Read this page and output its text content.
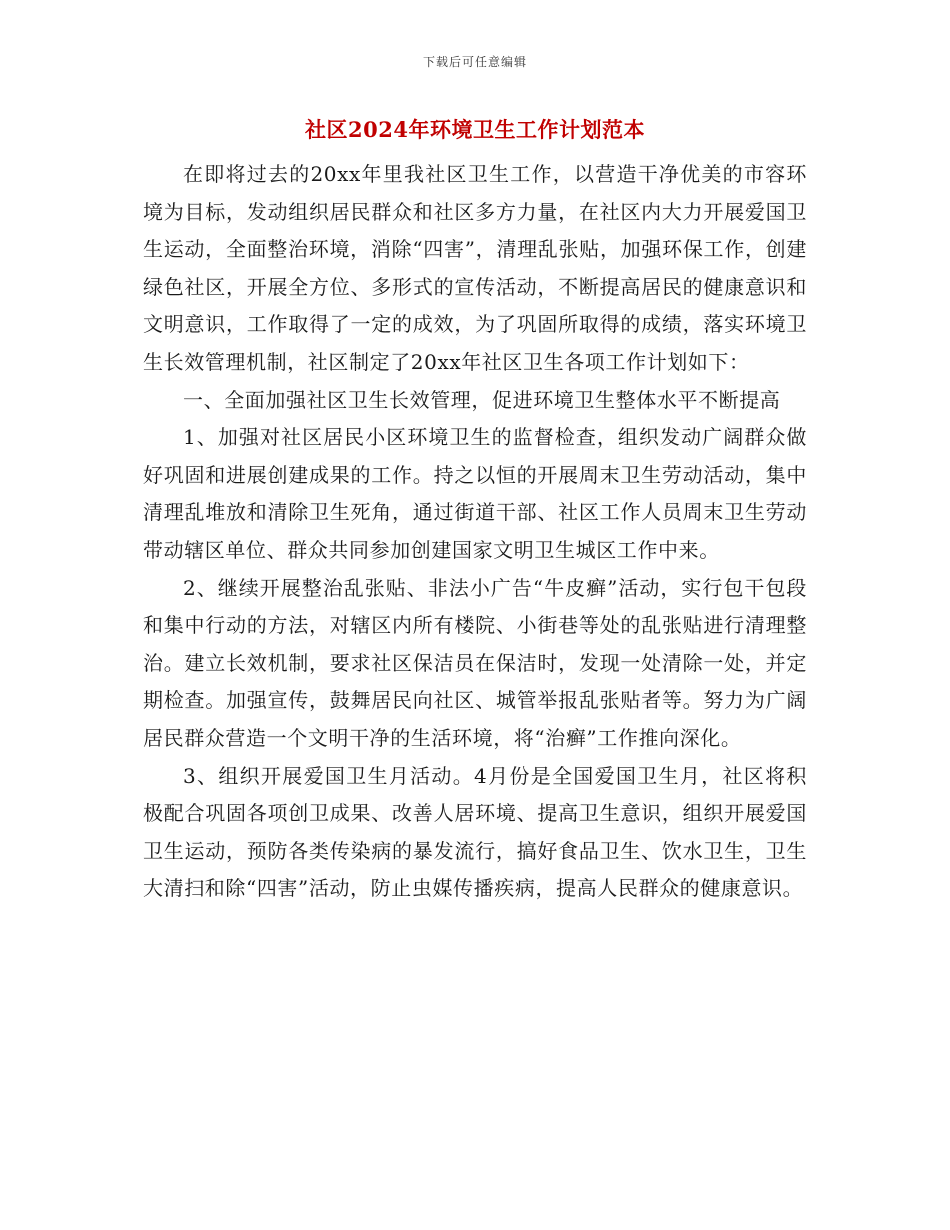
下载后可任意编辑
社区2024年环境卫生工作计划范本

在即将过去的20xx年里我社区卫生工作，以营造干净优美的市容环境为目标，发动组织居民群众和社区多方力量，在社区内大力开展爱国卫生运动，全面整治环境，消除“四害”，清理乱张贴，加强环保工作，创建绿色社区，开展全方位、多形式的宣传活动，不断提高居民的健康意识和文明意识，工作取得了一定的成效，为了巩固所取得的成绩，落实环境卫生长效管理机制，社区制定了20xx年社区卫生各项工作计划如下：

一、全面加强社区卫生长效管理，促进环境卫生整体水平不断提高

1、加强对社区居民小区环境卫生的监督检查，组织发动广阔群众做好巩固和进展创建成果的工作。持之以恒的开展周末卫生劳动活动，集中清理乱堆放和清除卫生死角，通过街道干部、社区工作人员周末卫生劳动带动辖区单位、群众共同参加创建国家文明卫生城区工作中来。

2、继续开展整治乱张贴、非法小广告“牛皮癣”活动，实行包干包段和集中行动的方法，对辖区内所有楼院、小街巷等处的乱张贴进行清理整治。建立长效机制，要求社区保洁员在保洁时，发现一处清除一处，并定期检查。加强宣传，鼓舞居民向社区、城管举报乱张贴者等。努力为广阔居民群众营造一个文明干净的生活环境，将“治癣”工作推向深化。

3、组织开展爱国卫生月活动。4月份是全国爱国卫生月，社区将积极配合巩固各项创卫成果、改善人居环境、提高卫生意识，组织开展爱国卫生运动，预防各类传染病的暴发流行，搞好食品卫生、饮水卫生，卫生大清扫和除“四害”活动，防止虫媒传播疾病，提高人民群众的健康意识。
